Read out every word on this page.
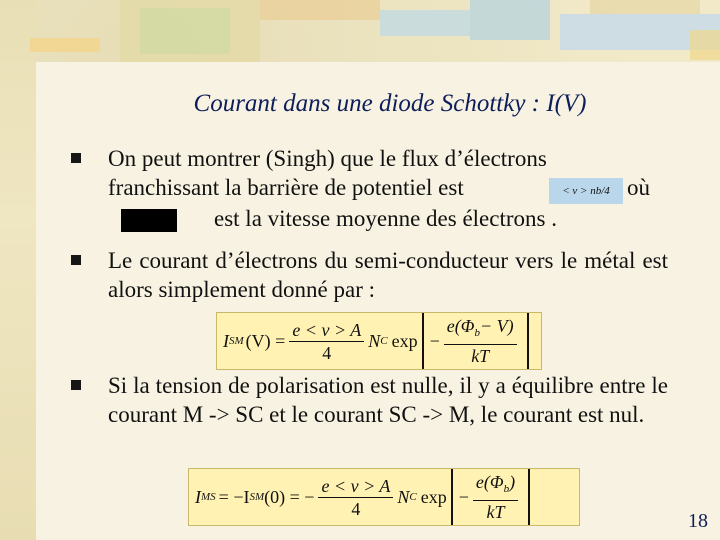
Courant dans une diode Schottky : I(V)
On peut montrer (Singh) que le flux d’électrons
franchissant la barrière de potentiel est	où
< v > n b / 4
est la vitesse moyenne des électrons .
Le courant d’électrons du semi-conducteur vers le métal est alors simplement donné par :
I SM $(V) = \frac{e < v > A}{4}$ N C $\exp - \frac{e(\Phi_b- V)}{kT}$
Si la tension de polarisation est nulle, il y a équilibre entre le courant M -> SC et le courant SC -> M, le courant est nul.
I MS = −I SM (0) = − $\frac{e < v > A}{4}$ N C $\exp - \frac{e(\Phi_b)}{kT}$	18
